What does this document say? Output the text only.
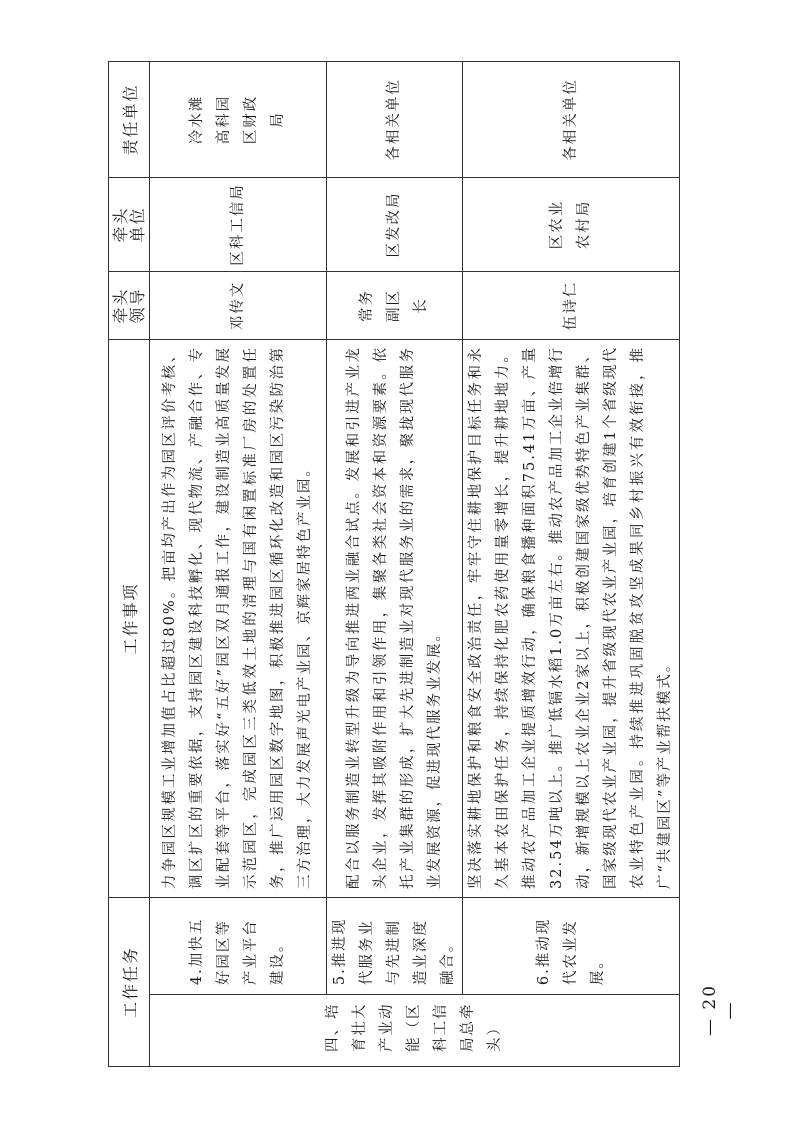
工作任务		工作事项	牵头领导	牵头单位	责任单位
四、培育壮大产业动能（区科工信局总牵头）	4.加快五好园区等产业平台建设。	力争园区规模工业增加值占比超过80%。把亩均产出作为园区评价考核、调区扩区的重要依据，支持园区建设科技孵化、现代物流、产融合作、专业配套等平台，落实好“五好”园区双月通报工作，建设制造业高质量发展示范园区，完成园区三类低效土地的清理与国有闲置标准厂房的处置任务，推广运用园区数字地图，积极推进园区循环化改造和园区污染防治第三方治理，大力发展声光电产业园、京辉家居特色产业园。	邓传文	区科工信局	冷水滩高科园区财政局

	5.推进现代服务业与先进制造业深度融合。	配合以服务制造业转型升级为导向推进两业融合试点。发展和引进产业龙头企业，发挥其吸附作用和引领作用，集聚各类社会资本和资源要素。依托产业集群的形成，扩大先进制造业对现代服务业的需求，聚拢现代服务业发展资源，促进现代服务业发展。	常务副区长	区发改局	各相关单位

	6.推动现代农业发展。	坚决落实耕地保护和粮食安全政治责任，牢牢守住耕地保护目标任务和永久基本农田保护任务，持续保持化肥农药使用量零增长，提升耕地地力。推动农产品加工企业提质增效行动，确保粮食播种面积75.41万亩、产量32.54万吨以上。推广低镉水稻1.0万亩左右。推动农产品加工企业倍增行动，新增规模以上农业企业2家以上，积极创建国家级优势特色产业集群、国家级现代农业产业园，提升省级现代农业产业园，培育创建1个省级现代农业特色产业园。持续推进巩固脱贫攻坚成果同乡村振兴有效衔接，推广“共建园区”等产业帮扶模式。	伍诗仁	区农业农村局	各相关单位
— 20 —
